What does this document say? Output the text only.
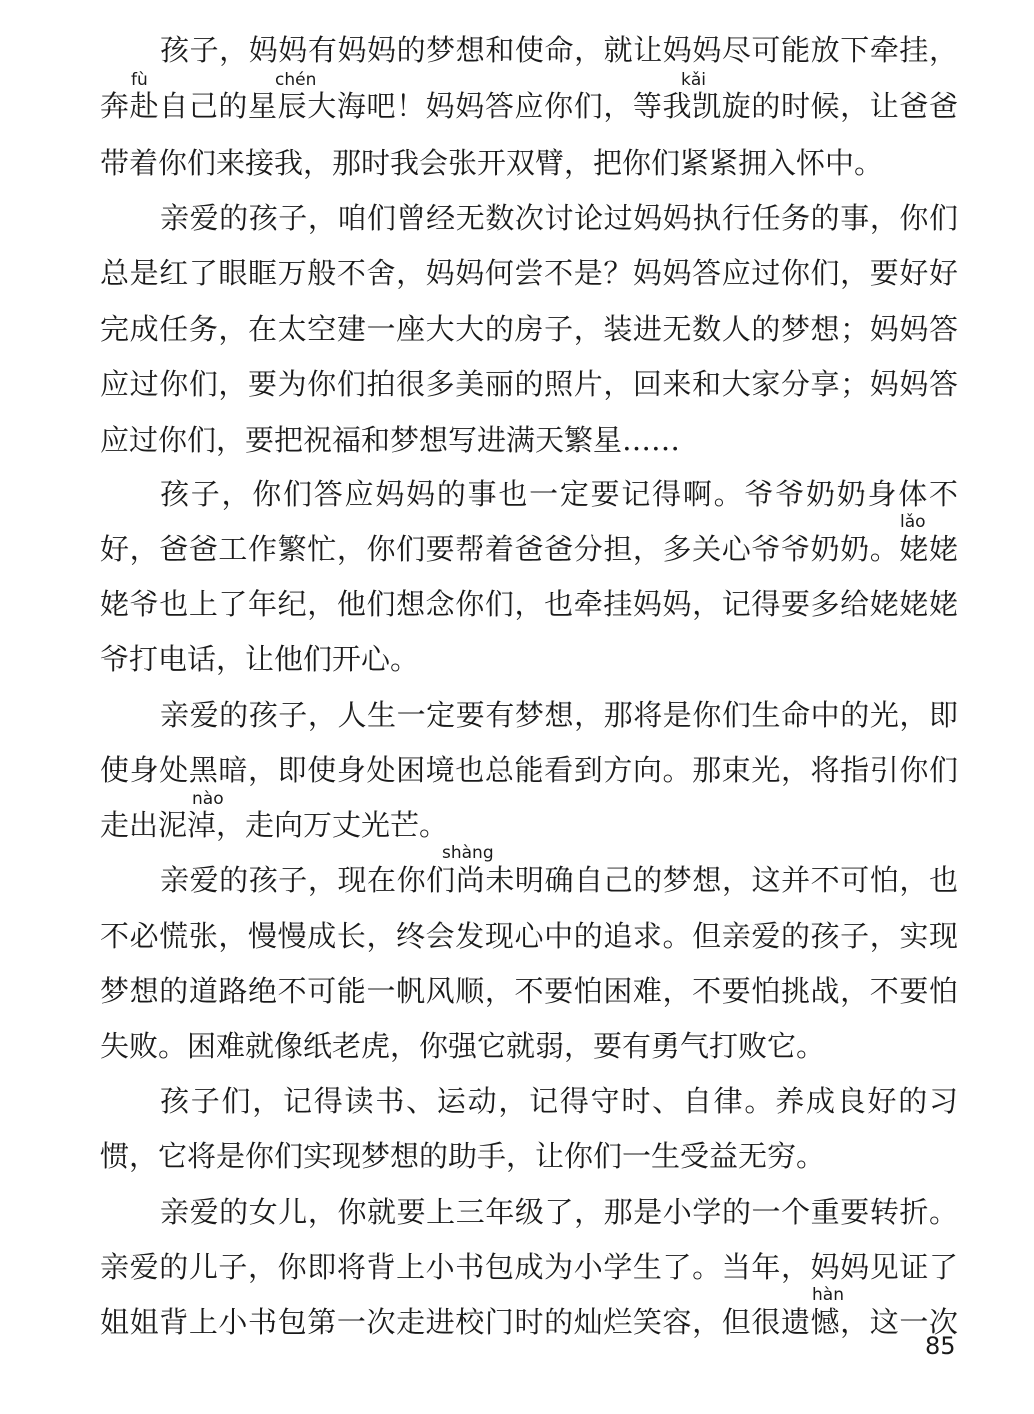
孩子，妈妈有妈妈的梦想和使命，就让妈妈尽可能放下牵挂，
奔赴自己的星辰大海吧！妈妈答应你们，等我凯旋的时候，让爸爸
带着你们来接我，那时我会张开双臂，把你们紧紧拥入怀中。
亲爱的孩子，咱们曾经无数次讨论过妈妈执行任务的事，你们
总是红了眼眶万般不舍，妈妈何尝不是？妈妈答应过你们，要好好
完成任务，在太空建一座大大的房子，装进无数人的梦想；妈妈答
应过你们，要为你们拍很多美丽的照片，回来和大家分享；妈妈答
应过你们，要把祝福和梦想写进满天繁星……
孩子，你们答应妈妈的事也一定要记得啊。爷爷奶奶身体不
好，爸爸工作繁忙，你们要帮着爸爸分担，多关心爷爷奶奶。姥姥
姥爷也上了年纪，他们想念你们，也牵挂妈妈，记得要多给姥姥姥
爷打电话，让他们开心。
亲爱的孩子，人生一定要有梦想，那将是你们生命中的光，即
使身处黑暗，即使身处困境也总能看到方向。那束光，将指引你们
走出泥淖，走向万丈光芒。
亲爱的孩子，现在你们尚未明确自己的梦想，这并不可怕，也
不必慌张，慢慢成长，终会发现心中的追求。但亲爱的孩子，实现
梦想的道路绝不可能一帆风顺，不要怕困难，不要怕挑战，不要怕
失败。困难就像纸老虎，你强它就弱，要有勇气打败它。
孩子们，记得读书、运动，记得守时、自律。养成良好的习
惯，它将是你们实现梦想的助手，让你们一生受益无穷。
亲爱的女儿，你就要上三年级了，那是小学的一个重要转折。
亲爱的儿子，你即将背上小书包成为小学生了。当年，妈妈见证了
姐姐背上小书包第一次走进校门时的灿烂笑容，但很遗憾，这一次
fù	chén	kǎi
lǎo
nào
shàng
hàn
85
